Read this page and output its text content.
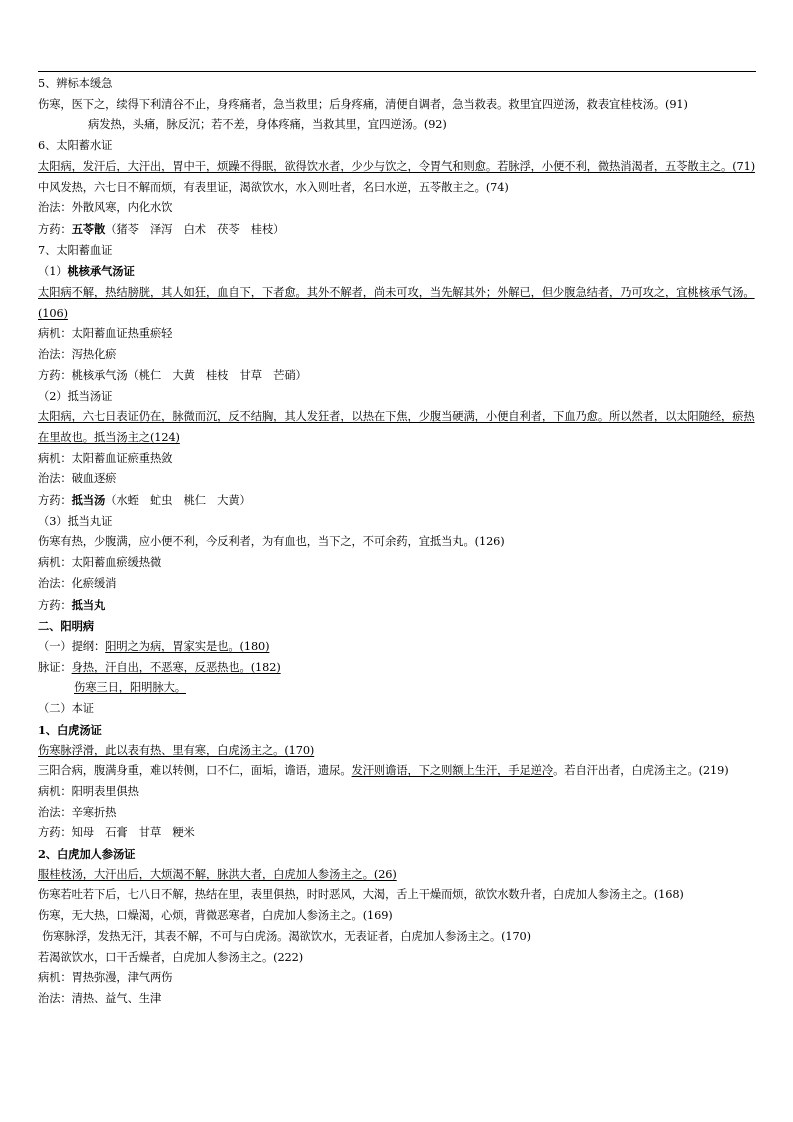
5、辨标本缓急
伤寒，医下之，续得下利清谷不止，身疼痛者，急当救里；后身疼痛，清便自调者，急当救表。救里宜四逆汤，救表宜桂枝汤。(91)
病发热，头痛，脉反沉；若不差，身体疼痛，当救其里，宜四逆汤。(92)
6、太阳蓄水证
太阳病，发汗后，大汗出，胃中干，烦躁不得眠，欲得饮水者，少少与饮之，令胃气和则愈。若脉浮，小便不利，微热消渴者，五苓散主之。(71)
中风发热，六七日不解而烦，有表里证，渴欲饮水，水入则吐者，名曰水逆，五苓散主之。(74)
治法：外散风寒，内化水饮
方药：五苓散（猪苓　泽泻　白术　茯苓　桂枝）
7、太阳蓄血证
（1）桃核承气汤证
太阳病不解，热结膀胱，其人如狂，血自下，下者愈。其外不解者，尚未可攻，当先解其外；外解已，但少腹急结者，乃可攻之，宜桃核承气汤。(106)
病机：太阳蓄血证热重瘀轻
治法：泻热化瘀
方药：桃核承气汤（桃仁　大黄　桂枝　甘草　芒硝）
（2）抵当汤证
太阳病，六七日表证仍在，脉微而沉，反不结胸，其人发狂者，以热在下焦，少腹当硬满，小便自利者，下血乃愈。所以然者，以太阳随经，瘀热在里故也。抵当汤主之(124)
病机：太阳蓄血证瘀重热敛
治法：破血逐瘀
方药：抵当汤（水蛭　虻虫　桃仁　大黄）
（3）抵当丸证
伤寒有热，少腹满，应小便不利，今反利者，为有血也，当下之，不可余药，宜抵当丸。(126)
病机：太阳蓄血瘀缓热微
治法：化瘀缓消
方药：抵当丸
二、阳明病
（一）提纲：阳明之为病，胃家实是也。(180)
脉证：身热，汗自出，不恶寒，反恶热也。(182)
伤寒三日，阳明脉大。
（二）本证
1、白虎汤证
伤寒脉浮滑，此以表有热、里有寒，白虎汤主之。(170)
三阳合病，腹满身重，难以转侧，口不仁，面垢，谵语，遗尿。发汗则谵语，下之则额上生汗，手足逆冷。若自汗出者，白虎汤主之。(219)
病机：阳明表里俱热
治法：辛寒折热
方药：知母　石膏　甘草　粳米
2、白虎加人参汤证
服桂枝汤，大汗出后，大烦渴不解，脉洪大者，白虎加人参汤主之。(26)
伤寒若吐若下后，七八日不解，热结在里，表里俱热，时时恶风，大渴，舌上干燥而烦，欲饮水数升者，白虎加人参汤主之。(168)
伤寒，无大热，口燥渴，心烦，背微恶寒者，白虎加人参汤主之。(169)
伤寒脉浮，发热无汗，其表不解，不可与白虎汤。渴欲饮水，无表证者，白虎加人参汤主之。(170)
若渴欲饮水，口干舌燥者，白虎加人参汤主之。(222)
病机：胃热弥漫，津气两伤
治法：清热、益气、生津
